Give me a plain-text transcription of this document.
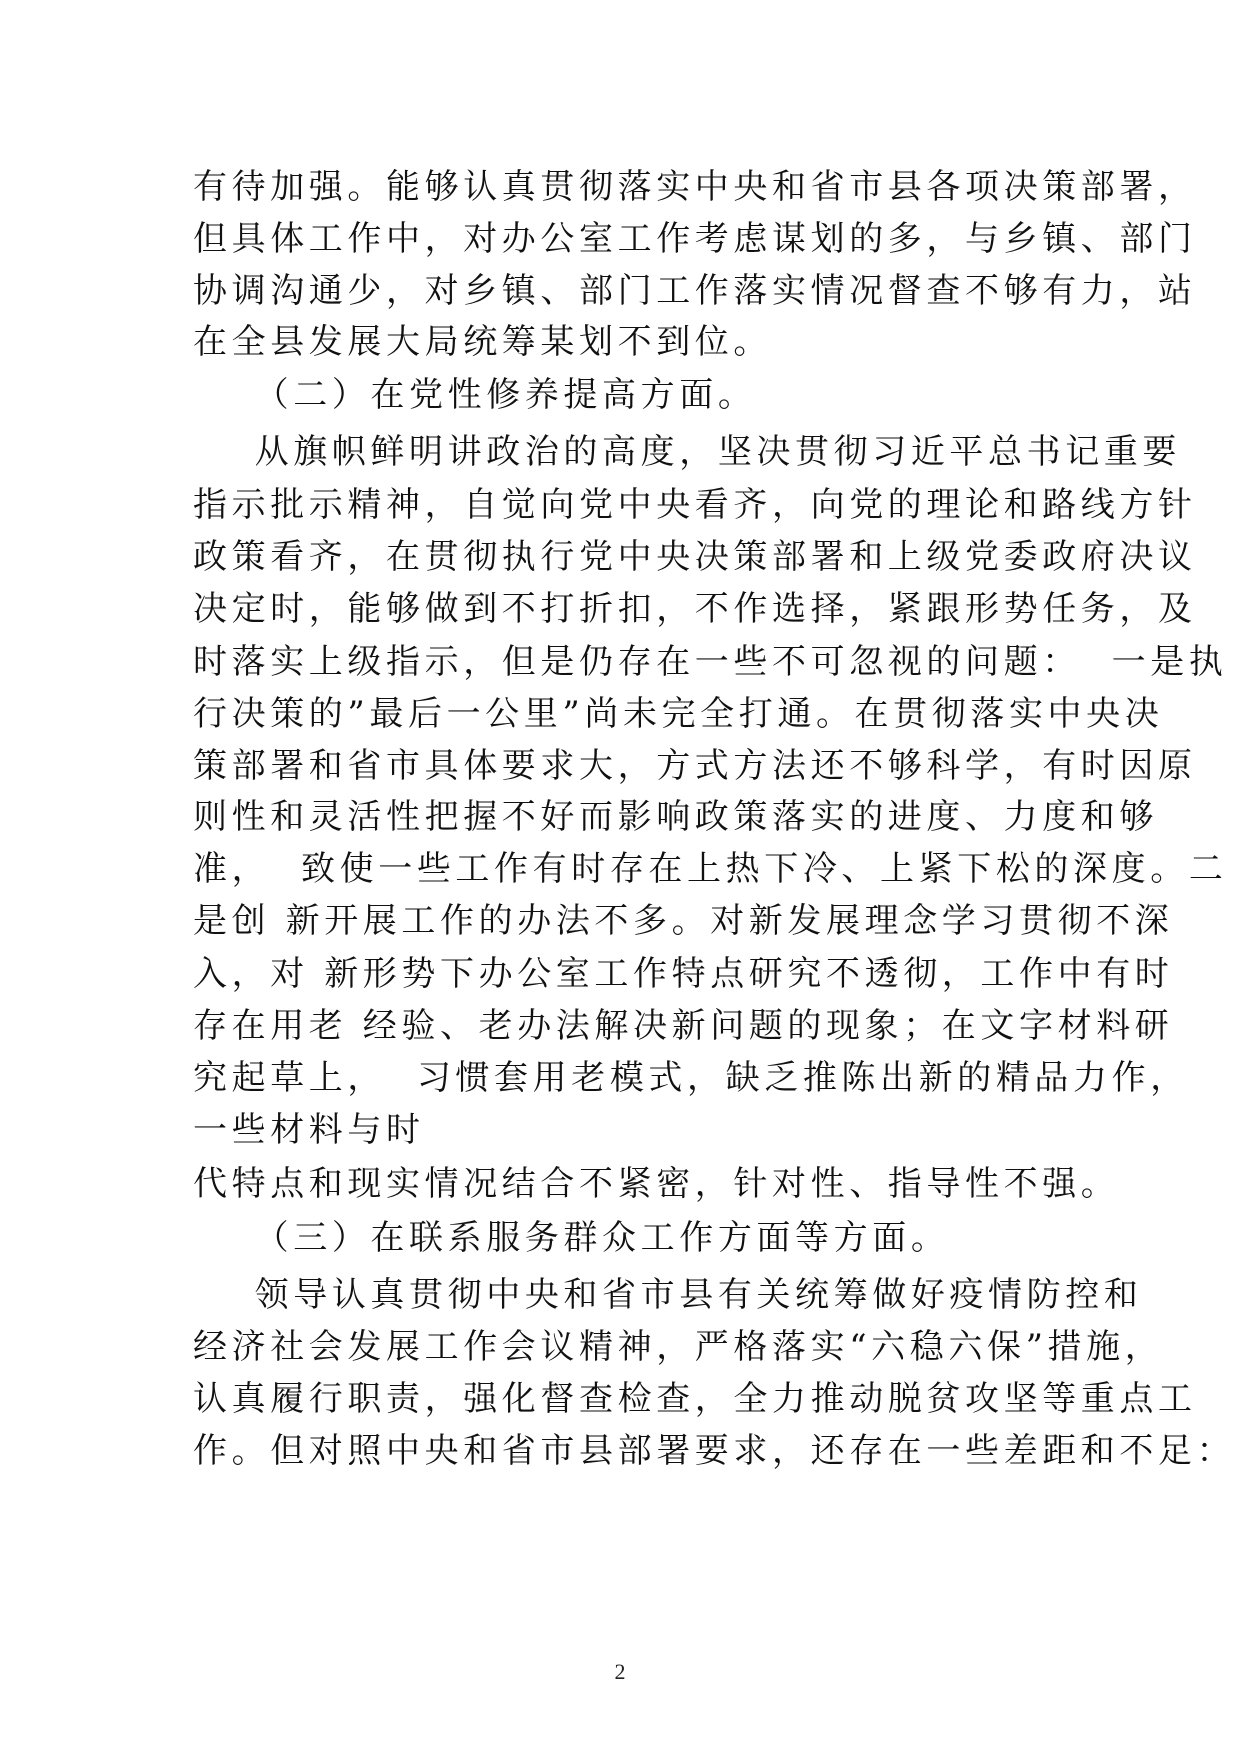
有待加强。能够认真贯彻落实中央和省市县各项决策部署，
但具体工作中，对办公室工作考虑谋划的多，与乡镇、部门
协调沟通少，对乡镇、部门工作落实情况督查不够有力，站
在全县发展大局统筹某划不到位。
（二）在党性修养提高方面。
从旗帜鲜明讲政治的高度，坚决贯彻习近平总书记重要
指示批示精神，自觉向党中央看齐，向党的理论和路线方针
政策看齐，在贯彻执行党中央决策部署和上级党委政府决议
决定时，能够做到不打折扣，不作选择，紧跟形势任务，及
时落实上级指示，但是仍存在一些不可忽视的问题：  一是执
行决策的”最后一公里”尚未完全打通。在贯彻落实中央决
策部署和省市具体要求大，方式方法还不够科学，有时因原
则性和灵活性把握不好而影响政策落实的进度、力度和够
准，  致使一些工作有时存在上热下冷、上紧下松的深度。二
是创 新开展工作的办法不多。对新发展理念学习贯彻不深
入，对 新形势下办公室工作特点研究不透彻，工作中有时
存在用老 经验、老办法解决新问题的现象；在文字材料研
究起草上，  习惯套用老模式，缺乏推陈出新的精品力作，
一些材料与时
代特点和现实情况结合不紧密，针对性、指导性不强。
（三）在联系服务群众工作方面等方面。
领导认真贯彻中央和省市县有关统筹做好疫情防控和
经济社会发展工作会议精神，严格落实“六稳六保”措施，
认真履行职责，强化督查检查，全力推动脱贫攻坚等重点工
作。但对照中央和省市县部署要求，还存在一些差距和不足：
2
